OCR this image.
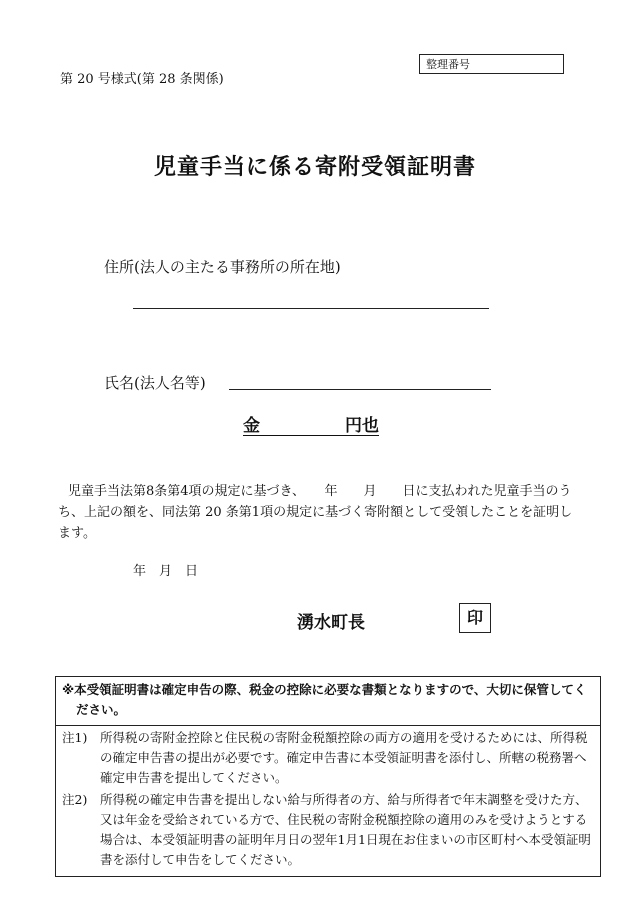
第 20 号様式(第 28 条関係)
整理番号
児童手当に係る寄附受領証明書
住所(法人の主たる事務所の所在地)
氏名(法人名等)
金　　　　　円也
児童手当法第8条第4項の規定に基づき、　　年　　月　　日に支払われた児童手当のうち、上記の額を、同法第 20 条第1項の規定に基づく寄附額として受領したことを証明します。
年　月　日
湧水町長	印
※本受領証明書は確定申告の際、税金の控除に必要な書類となりますので、大切に保管してください。
注1)	所得税の寄附金控除と住民税の寄附金税額控除の両方の適用を受けるためには、所得税の確定申告書の提出が必要です。確定申告書に本受領証明書を添付し、所轄の税務署へ確定申告書を提出してください。
注2)	所得税の確定申告書を提出しない給与所得者の方、給与所得者で年末調整を受けた方、又は年金を受給されている方で、住民税の寄附金税額控除の適用のみを受けようとする場合は、本受領証明書の証明年月日の翌年1月1日現在お住まいの市区町村へ本受領証明書を添付して申告をしてください。
